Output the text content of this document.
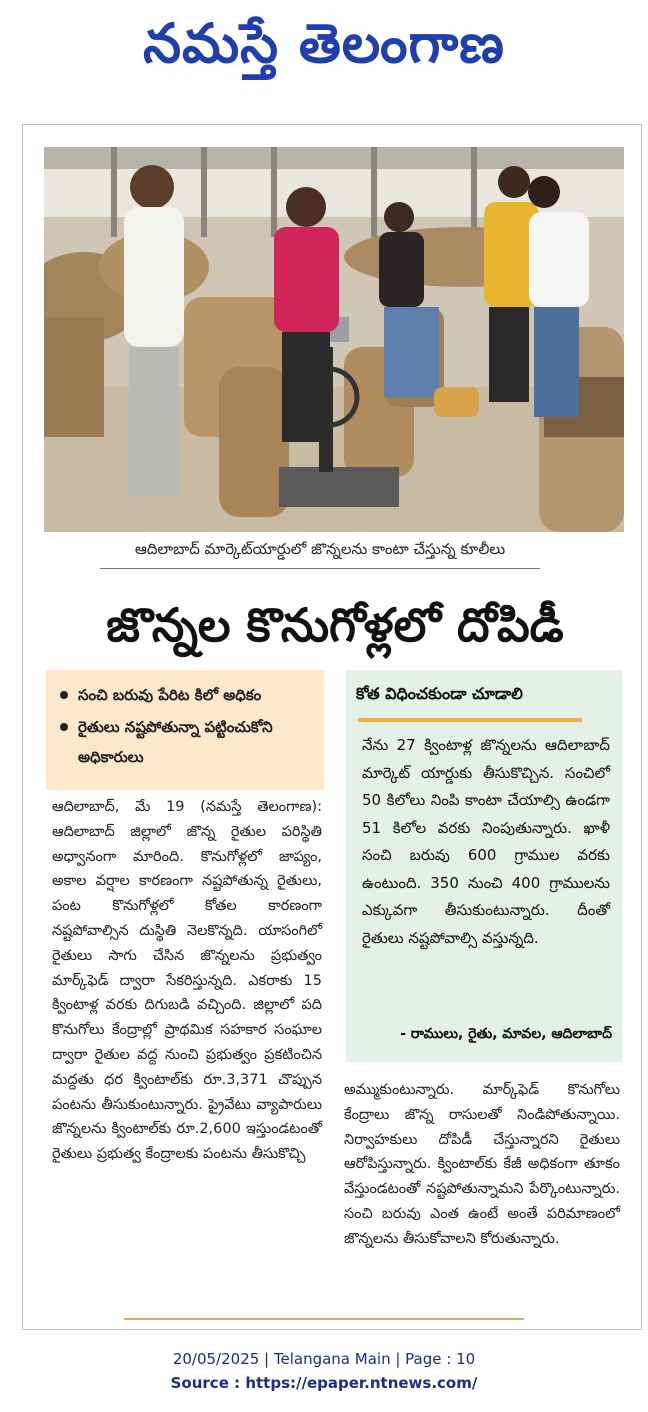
నమస్తే తెలంగాణ
ఆదిలాబాద్ మార్కెట్‌యార్డులో జొన్నలను కాంటా చేస్తున్న కూలీలు
జొన్నల కొనుగోళ్లలో దోపిడీ
సంచి బరువు పేరిట కిలో అధికం
రైతులు నష్టపోతున్నా పట్టించుకోని అధికారులు

ఆదిలాబాద్, మే 19 (నమస్తే తెలంగాణ): ఆదిలాబాద్ జిల్లాలో జొన్న రైతుల పరిస్థితి అధ్వానంగా మారింది. కొనుగోళ్లలో జాప్యం, అకాల వర్షాల కారణంగా నష్టపోతున్న రైతులు, పంట కొనుగోళ్లలో కోతల కారణంగా నష్టపోవాల్సిన దుస్థితి నెలకొన్నది. యాసంగిలో రైతులు సాగు చేసిన జొన్నలను ప్రభుత్వం మార్క్‌ఫెడ్ ద్వారా సేకరిస్తున్నది. ఎకరాకు 15 క్వింటాళ్ల వరకు దిగుబడి వచ్చింది. జిల్లాలో పది కొనుగోలు కేంద్రాల్లో ప్రాథమిక సహకార సంఘాల ద్వారా రైతుల వద్ద నుంచి ప్రభుత్వం ప్రకటించిన మద్దతు ధర క్వింటాల్‌కు రూ.3,371 చొప్పున పంటను తీసుకుంటున్నారు. ప్రైవేటు వ్యాపారులు జొన్నలను క్వింటాల్‌కు రూ.2,600 ఇస్తుండటంతో రైతులు ప్రభుత్వ కేంద్రాలకు పంటను తీసుకొచ్చి

కోత విధించకుండా చూడాలి
నేను 27 క్వింటాళ్ల జొన్నలను ఆదిలాబాద్ మార్కెట్ యార్డుకు తీసుకొచ్చిన. సంచిలో 50 కిలోలు నింపి కాంటా చేయాల్సి ఉండగా 51 కిలోల వరకు నింపుతున్నారు. ఖాళీ సంచి బరువు 600 గ్రాముల వరకు ఉంటుంది. 350 నుంచి 400 గ్రాములను ఎక్కువగా తీసుకుంటున్నారు. దీంతో రైతులు నష్టపోవాల్సి వస్తున్నది.
- రాములు, రైతు, మావల, ఆదిలాబాద్

అమ్ముకుంటున్నారు. మార్క్‌ఫెడ్ కొనుగోలు కేంద్రాలు జొన్న రాసులతో నిండిపోతున్నాయి. నిర్వాహకులు దోపిడీ చేస్తున్నారని రైతులు ఆరోపిస్తున్నారు. క్వింటాల్‌కు కేజీ అధికంగా తూకం వేస్తుండటంతో నష్టపోతున్నామని పేర్కొంటున్నారు. సంచి బరువు ఎంత ఉంటే అంతే పరిమాణంలో జొన్నలను తీసుకోవాలని కోరుతున్నారు.

20/05/2025 | Telangana Main | Page : 10
Source : https://epaper.ntnews.com/
